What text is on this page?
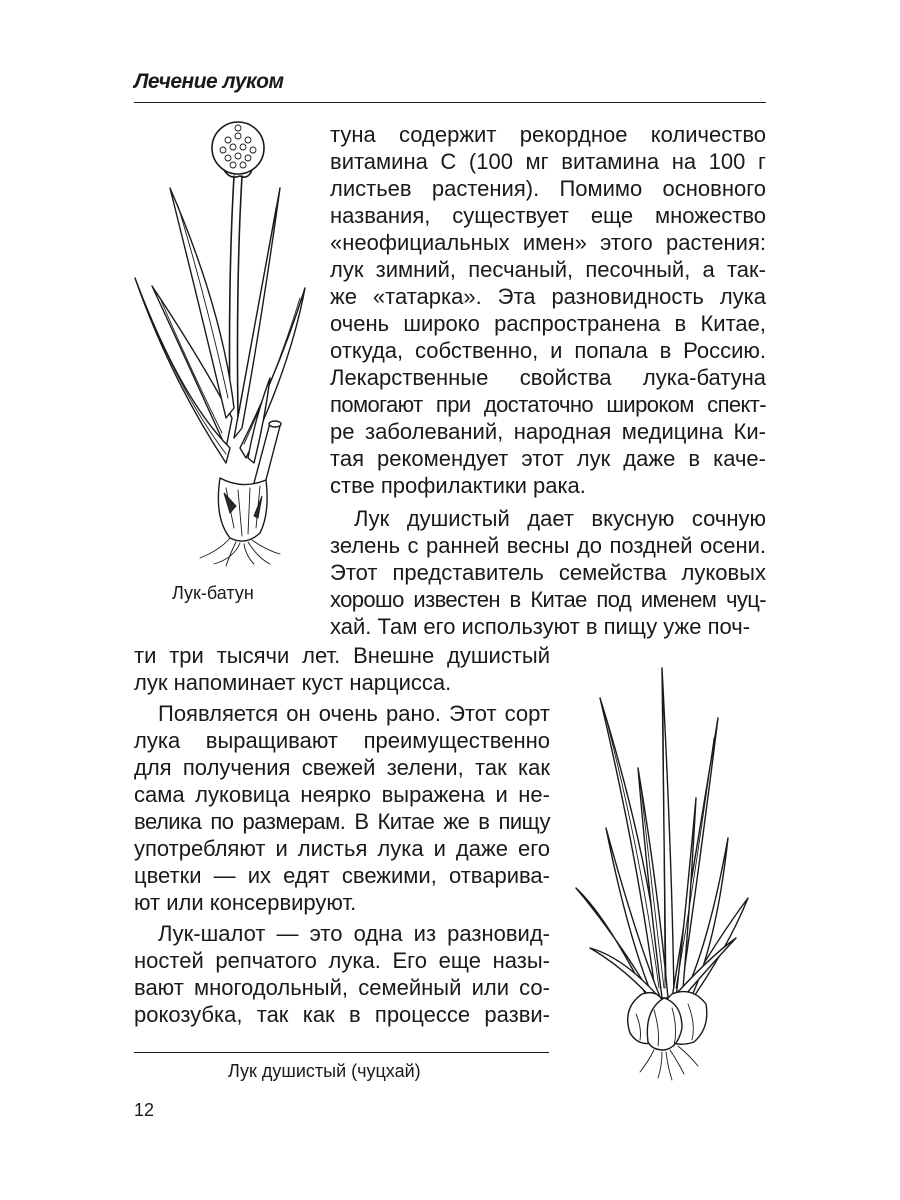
Лечение луком

Лук-батун

туна содержит рекордное количество

витамина С (100 мг витамина на 100 г

листьев растения). Помимо основного

названия, существует еще множество

«неофициальных имен» этого растения:

лук зимний, песчаный, песочный, а так-

же «татарка». Эта разновидность лука

очень широко распространена в Китае,

откуда, собственно, и попала в Россию.

Лекарственные свойства лука-батуна

помогают при достаточно широком спект-

ре заболеваний, народная медицина Ки-

тая рекомендует этот лук даже в каче-

стве профилактики рака.

Лук душистый дает вкусную сочную

зелень с ранней весны до поздней осени.

Этот представитель семейства луковых

хорошо известен в Китае под именем чуц-

хай. Там его используют в пищу уже поч-

ти три тысячи лет. Внешне душистый

лук напоминает куст нарцисса.

Появляется он очень рано. Этот сорт

лука выращивают преимущественно

для получения свежей зелени, так как

сама луковица неярко выражена и не-

велика по размерам. В Китае же в пищу

употребляют и листья лука и даже его

цветки — их едят свежими, отварива-

ют или консервируют.

Лук-шалот — это одна из разновид-

ностей репчатого лука. Его еще назы-

вают многодольный, семейный или со-

рокозубка, так как в процессе разви-

Лук душистый (чуцхай)

12
